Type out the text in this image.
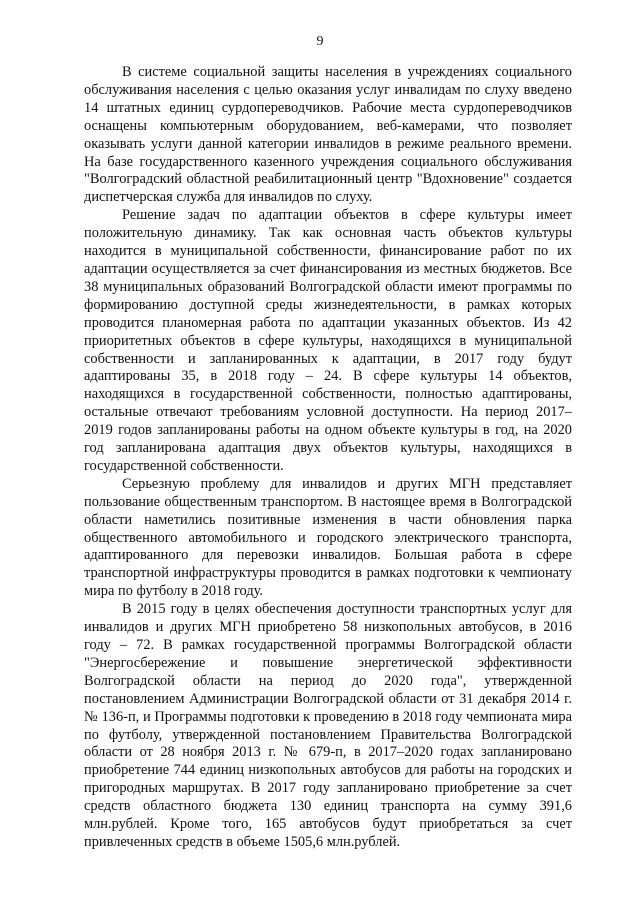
9

В системе социальной защиты населения в учреждениях социального обслуживания населения с целью оказания услуг инвалидам по слуху введено 14 штатных единиц сурдопереводчиков. Рабочие места сурдопереводчиков оснащены компьютерным оборудованием, веб-камерами, что позволяет оказывать услуги данной категории инвалидов в режиме реального времени. На базе государственного казенного учреждения социального обслуживания "Волгоградский областной реабилитационный центр "Вдохновение" создается диспетчерская служба для инвалидов по слуху.

Решение задач по адаптации объектов в сфере культуры имеет положительную динамику. Так как основная часть объектов культуры находится в муниципальной собственности, финансирование работ по их адаптации осуществляется за счет финансирования из местных бюджетов. Все 38 муниципальных образований Волгоградской области имеют программы по формированию доступной среды жизнедеятельности, в рамках которых проводится планомерная работа по адаптации указанных объектов. Из 42 приоритетных объектов в сфере культуры, находящихся в муниципальной собственности и запланированных к адаптации, в 2017 году будут адаптированы 35, в 2018 году – 24. В сфере культуры 14 объектов, находящихся в государственной собственности, полностью адаптированы, остальные отвечают требованиям условной доступности. На период 2017–2019 годов запланированы работы на одном объекте культуры в год, на 2020 год запланирована адаптация двух объектов культуры, находящихся в государственной собственности.

Серьезную проблему для инвалидов и других МГН представляет пользование общественным транспортом. В настоящее время в Волгоградской области наметились позитивные изменения в части обновления парка общественного автомобильного и городского электрического транспорта, адаптированного для перевозки инвалидов. Большая работа в сфере транспортной инфраструктуры проводится в рамках подготовки к чемпионату мира по футболу в 2018 году.

В 2015 году в целях обеспечения доступности транспортных услуг для инвалидов и других МГН приобретено 58 низкопольных автобусов, в 2016 году – 72. В рамках государственной программы Волгоградской области "Энергосбережение и повышение энергетической эффективности Волгоградской области на период до 2020 года", утвержденной постановлением Администрации Волгоградской области от 31 декабря 2014 г. № 136-п, и Программы подготовки к проведению в 2018 году чемпионата мира по футболу, утвержденной постановлением Правительства Волгоградской области от 28 ноября 2013 г. № 679-п, в 2017–2020 годах запланировано приобретение 744 единиц низкопольных автобусов для работы на городских и пригородных маршрутах. В 2017 году запланировано приобретение за счет средств областного бюджета 130 единиц транспорта на сумму 391,6 млн.рублей. Кроме того, 165 автобусов будут приобретаться за счет привлеченных средств в объеме 1505,6 млн.рублей.
